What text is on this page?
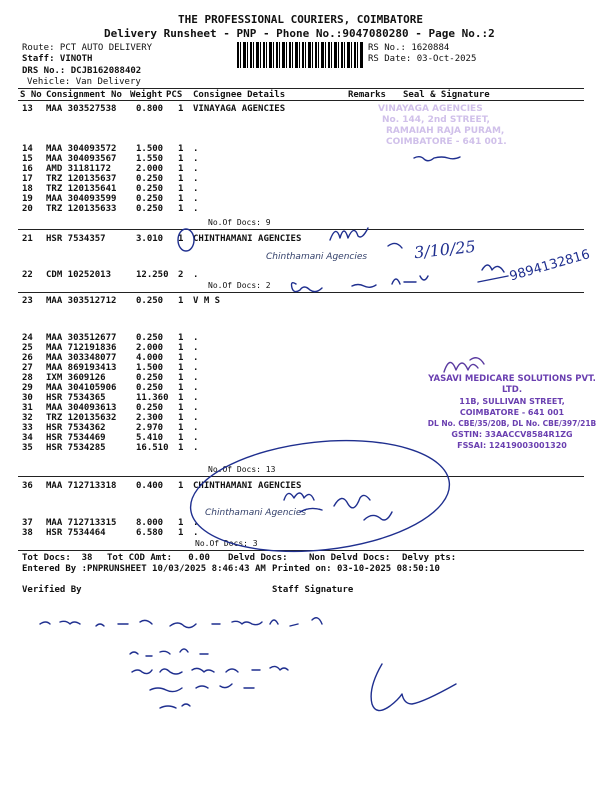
THE PROFESSIONAL COURIERS, COIMBATORE
Delivery Runsheet - PNP - Phone No.:9047080280 - Page No.:2
Route: PCT AUTO DELIVERY
Staff: VINOTH
DRS No.: DCJB162088402
Vehicle: Van Delivery
RS No.: 1620884
RS Date: 03-Oct-2025
S No Consignment No Weight PCS Consignee Details	Remarks Seal & Signature
13 MAA 303527538 0.800 1 VINAYAGA AGENCIES
14 MAA 304093572 1.500 1 .
15 MAA 304093567 1.550 1 .
16 AMD 31181172	2.000 1 .
17 TRZ 120135637 0.250 1 .
18 TRZ 120135641 0.250 1 .
19 MAA 304093599 0.250 1 .
20 TRZ 120135633 0.250 1 .
21 HSR 7534357	3.010 1 CHINTHAMANI AGENCIES
22 CDM 10252013	12.250 2 .
23 MAA 303512712 0.250 1 V M S
24 MAA 303512677 0.250 1 .
25 MAA 712191836 2.000 1 .
26 MAA 303348077 4.000 1 .
27 MAA 869193413 1.500 1 .
28 IXM 3609126	0.250 1 .
29 MAA 304105906 0.250 1 .
30 HSR 7534365	11.360 1 .
31 MAA 304093613 0.250 1 .
32 TRZ 120135632 2.300 1 .
33 HSR 7534362	2.970 1 .
34 HSR 7534469	5.410 1 .
35 HSR 7534285	16.510 1 .
36 MAA 712713318 0.400 1 CHINTHAMANI AGENCIES
37 MAA 712713315 8.000 1 .
38 HSR 7534464	6.580 1 .
No.Of Docs: 9
No.Of Docs: 2
No.Of Docs: 13
No.Of Docs: 3
Tot Docs:  38 Tot COD Amt:   0.00 Delvd Docs: Non Delvd Docs: Delvy pts:
Entered By :PNPRUNSHEET 10/03/2025 8:46:43 AM Printed on: 03-10-2025 08:50:10
Verified By	Staff Signature
VINAYAGA AGENCIES
No. 144, 2nd STREET,
RAMAIAH RAJA PURAM,
COIMBATORE - 641 001.
YASAVI MEDICARE SOLUTIONS PVT. LTD.
11B, SULLIVAN STREET,
COIMBATORE - 641 001
DL No. CBE/35/20B, DL No. CBE/397/21B
GSTIN: 33AACCV8584R1ZG
FSSAI: 12419003001320
Chinthamani Agencies
Chinthamani Agencies
9894132816
3/10/25
